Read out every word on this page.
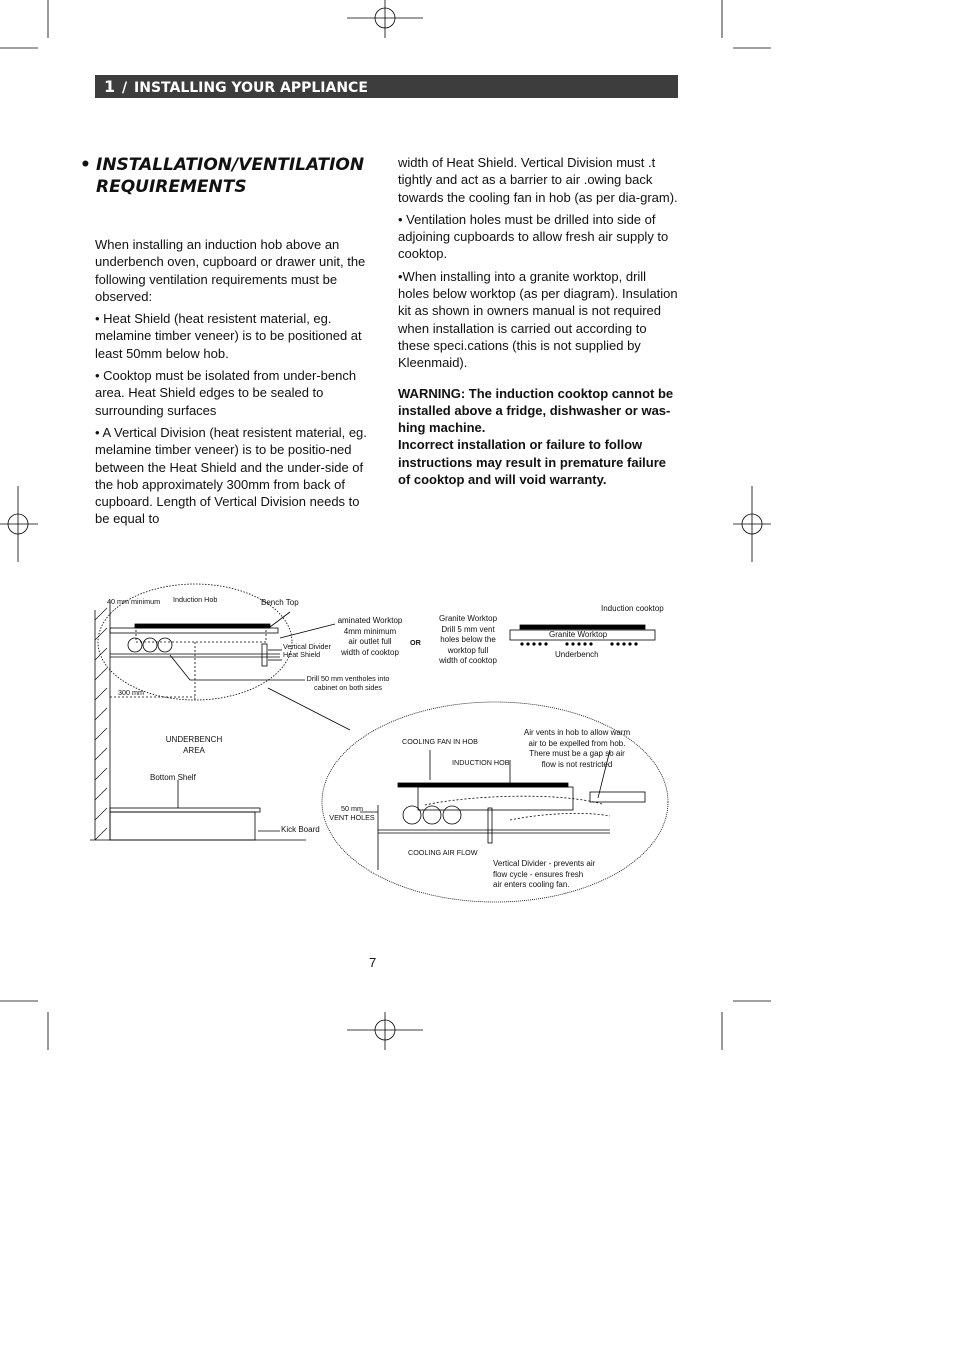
1 / INSTALLING YOUR APPLIANCE
• INSTALLATION/VENTILATION
REQUIREMENTS

When installing an induction hob above an underbench oven, cupboard or drawer unit, the following ventilation requirements must be observed:

• Heat Shield (heat resistent material, eg. melamine timber veneer) is to be positioned at least 50mm below hob.

• Cooktop must be isolated from under-bench area. Heat Shield edges to be sealed to surrounding surfaces

• A Vertical Division (heat resistent material, eg. melamine timber veneer) is to be positio-ned between the Heat Shield and the under-side of the hob approximately 300mm from back of cupboard. Length of Vertical Division needs to be equal to

width of Heat Shield. Vertical Division must .t tightly and act as a barrier to air .owing back towards the cooling fan in hob (as per dia-gram).

• Ventilation holes must be drilled into side of adjoining cupboards to allow fresh air supply to cooktop.

•When installing into a granite worktop, drill holes below worktop (as per diagram). Insulation kit as shown in owners manual is not required when installation is carried out according to these speci.cations (this is not supplied by Kleenmaid).

WARNING: The induction cooktop cannot be installed above a fridge, dishwasher or was-hing machine.
Incorrect installation or failure to follow instructions may result in premature failure of cooktop and will void warranty.

40 mm minimum Induction Hob	Bench Top
Vertical Divider
Heat Shield
aminated Worktop
4mm minimum
air outlet full
width of cooktop
OR
Granite Worktop
Drill 5 mm vent
holes below the
worktop full
width of cooktop
Induction cooktop
Granite Worktop
Underbench
Drill 50 mm ventholes into
cabinet on both sides
300 mm
UNDERBENCH
AREA
Bottom Shelf
Kick Board
COOLING FAN IN HOB
INDUCTION HOB
Air vents in hob to allow warm
air to be expelled from hob.
There must be a gap so air
flow is not restricted
50 mm
VENT HOLES
COOLING AIR FLOW
Vertical Divider - prevents air
flow cycle - ensures fresh
air enters cooling fan.
7
